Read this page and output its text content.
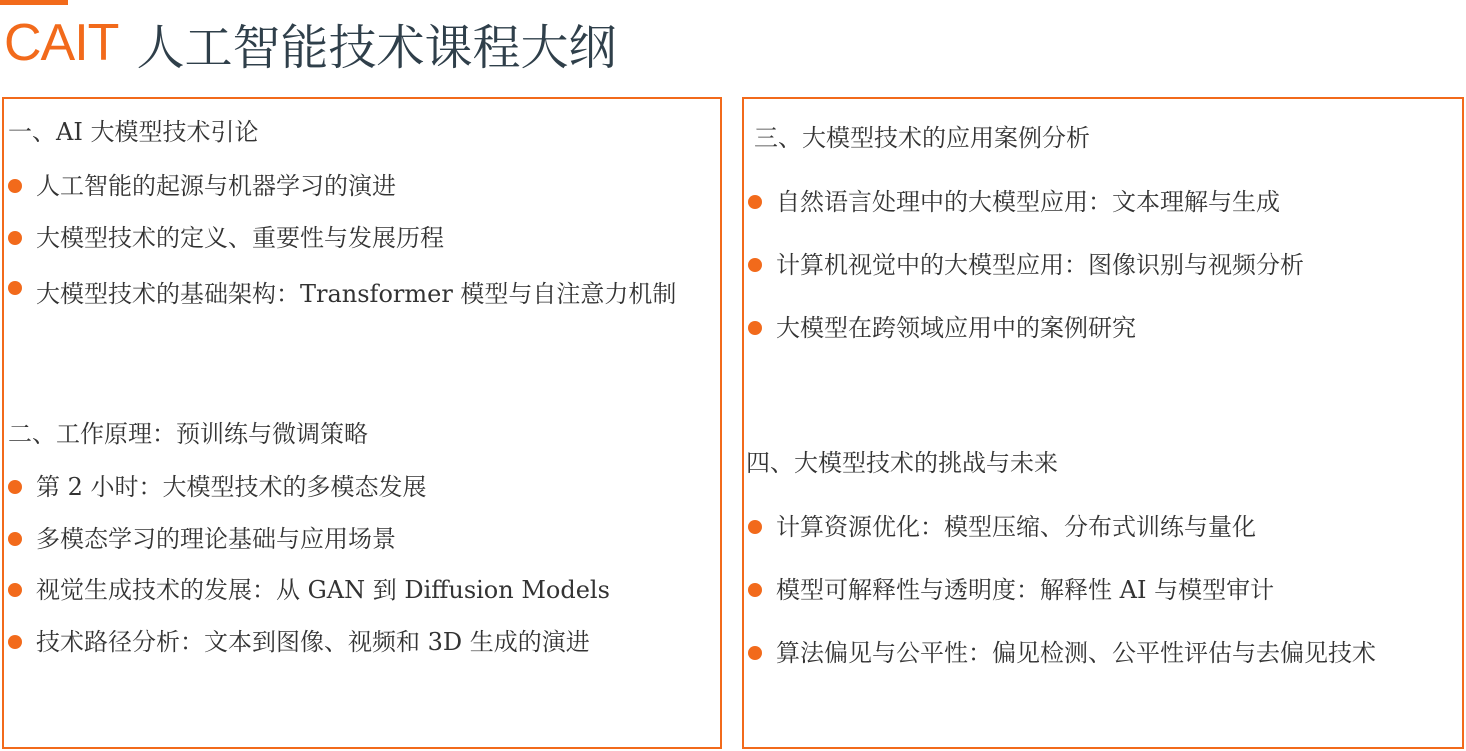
CAIT 人工智能技术课程大纲
一、AI 大模型技术引论
人工智能的起源与机器学习的演进
大模型技术的定义、重要性与发展历程
大模型技术的基础架构：Transformer 模型与自注意力机制
二、工作原理：预训练与微调策略
第 2 小时：大模型技术的多模态发展
多模态学习的理论基础与应用场景
视觉生成技术的发展：从 GAN 到 Diffusion Models
技术路径分析：文本到图像、视频和 3D 生成的演进
三、大模型技术的应用案例分析
自然语言处理中的大模型应用：文本理解与生成
计算机视觉中的大模型应用：图像识别与视频分析
大模型在跨领域应用中的案例研究
四、大模型技术的挑战与未来
计算资源优化：模型压缩、分布式训练与量化
模型可解释性与透明度：解释性 AI 与模型审计
算法偏见与公平性：偏见检测、公平性评估与去偏见技术
